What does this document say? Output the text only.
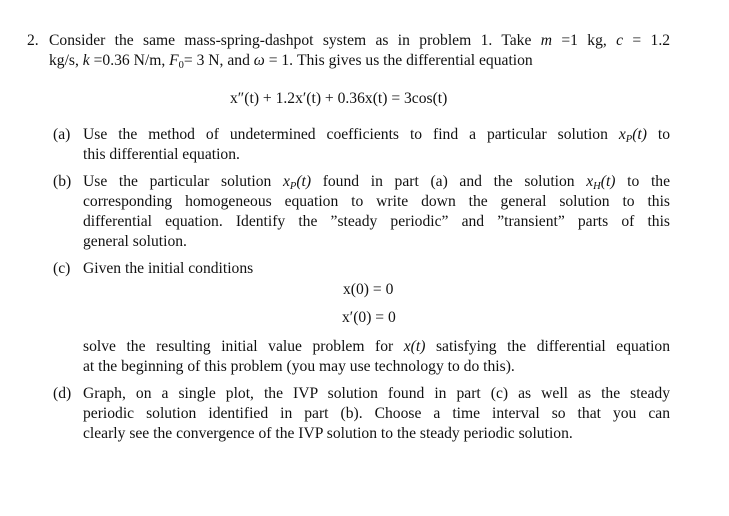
2. Consider the same mass-spring-dashpot system as in problem 1. Take m =1 kg, c = 1.2
kg/s, k =0.36 N/m, $F_0= 3$ N, and ω = 1. This gives us the differential equation
x″(t) + 1.2x′(t) + 0.36x(t) = 3cos(t)
(a) Use the method of undetermined coefficients to find a particular solution $x_P(t)$ to
this differential equation.
(b) Use the particular solution $x_P(t)$ found in part (a) and the solution $x_H(t)$ to the
corresponding homogeneous equation to write down the general solution to this
differential equation. Identify the ”steady periodic” and ”transient” parts of this
general solution.
(c) Given the initial conditions
x(0) = 0
x′(0) = 0
solve the resulting initial value problem for x(t) satisfying the differential equation
at the beginning of this problem (you may use technology to do this).
(d) Graph, on a single plot, the IVP solution found in part (c) as well as the steady
periodic solution identified in part (b). Choose a time interval so that you can
clearly see the convergence of the IVP solution to the steady periodic solution.
